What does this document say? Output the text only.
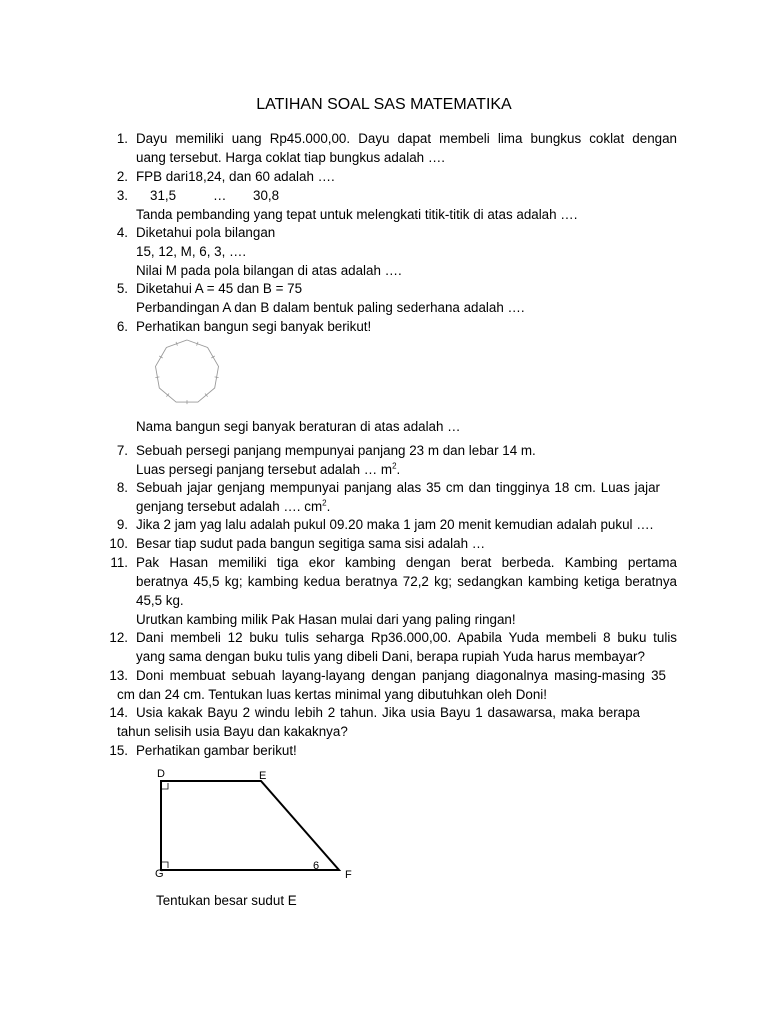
LATIHAN SOAL SAS MATEMATIKA
1. Dayu memiliki uang Rp45.000,00. Dayu dapat membeli lima bungkus coklat dengan
uang tersebut. Harga coklat tiap bungkus adalah ….
2. FPB dari18,24, dan 60 adalah ….
3. 31,5	… 30,8
Tanda pembanding yang tepat untuk melengkati titik-titik di atas adalah ….
4. Diketahui pola bilangan
15, 12, M, 6, 3, ….
Nilai M pada pola bilangan di atas adalah ….
5. Diketahui A = 45 dan B = 75
Perbandingan A dan B dalam bentuk paling sederhana adalah ….
6. Perhatikan bangun segi banyak berikut!
Nama bangun segi banyak beraturan di atas adalah …
7. Sebuah persegi panjang mempunyai panjang 23 m dan lebar 14 m.
Luas persegi panjang tersebut adalah … $m^2$.
8. Sebuah jajar genjang mempunyai panjang alas 35 cm dan tingginya 18 cm. Luas jajar
genjang tersebut adalah …. $cm^2$.
9. Jika 2 jam yag lalu adalah pukul 09.20 maka 1 jam 20 menit kemudian adalah pukul ….
10. Besar tiap sudut pada bangun segitiga sama sisi adalah …
11. Pak Hasan memiliki tiga ekor kambing dengan berat berbeda. Kambing pertama
beratnya 45,5 kg; kambing kedua beratnya 72,2 kg; sedangkan kambing ketiga beratnya
45,5 kg.
Urutkan kambing milik Pak Hasan mulai dari yang paling ringan!
12. Dani membeli 12 buku tulis seharga Rp36.000,00. Apabila Yuda membeli 8 buku tulis
yang sama dengan buku tulis yang dibeli Dani, berapa rupiah Yuda harus membayar?
13. Doni membuat sebuah layang-layang dengan panjang diagonalnya masing-masing 35
cm dan 24 cm. Tentukan luas kertas minimal yang dibutuhkan oleh Doni!
14. Usia kakak Bayu 2 windu lebih 2 tahun. Jika usia Bayu 1 dasawarsa, maka berapa
tahun selisih usia Bayu dan kakaknya?
15. Perhatikan gambar berikut!
D	E
F
G
6
Tentukan besar sudut E
